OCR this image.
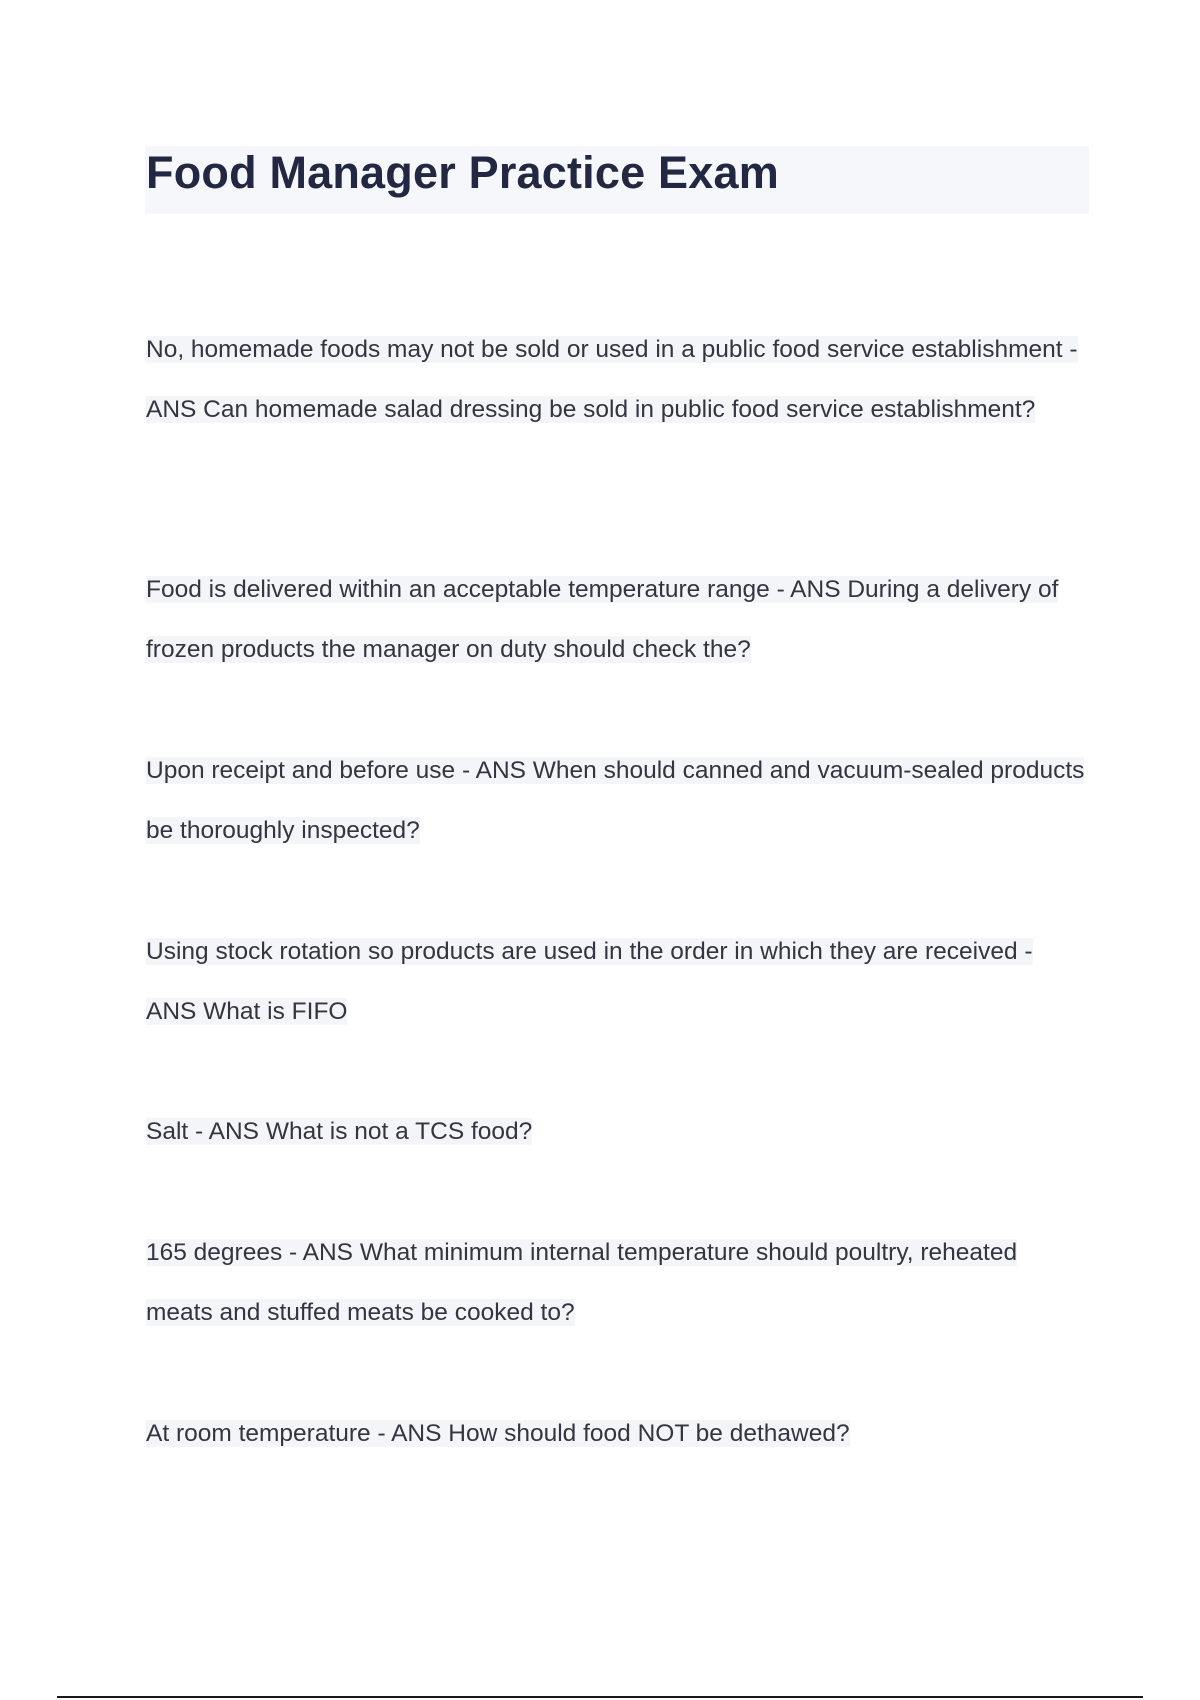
Food Manager Practice Exam
No, homemade foods may not be sold or used in a public food service establishment - ANS Can homemade salad dressing be sold in public food service establishment?
Food is delivered within an acceptable temperature range - ANS During a delivery of frozen products the manager on duty should check the?
Upon receipt and before use - ANS When should canned and vacuum-sealed products be thoroughly inspected?
Using stock rotation so products are used in the order in which they are received - ANS What is FIFO
Salt - ANS What is not a TCS food?
165 degrees - ANS What minimum internal temperature should poultry, reheated meats and stuffed meats be cooked to?
At room temperature - ANS How should food NOT be dethawed?
